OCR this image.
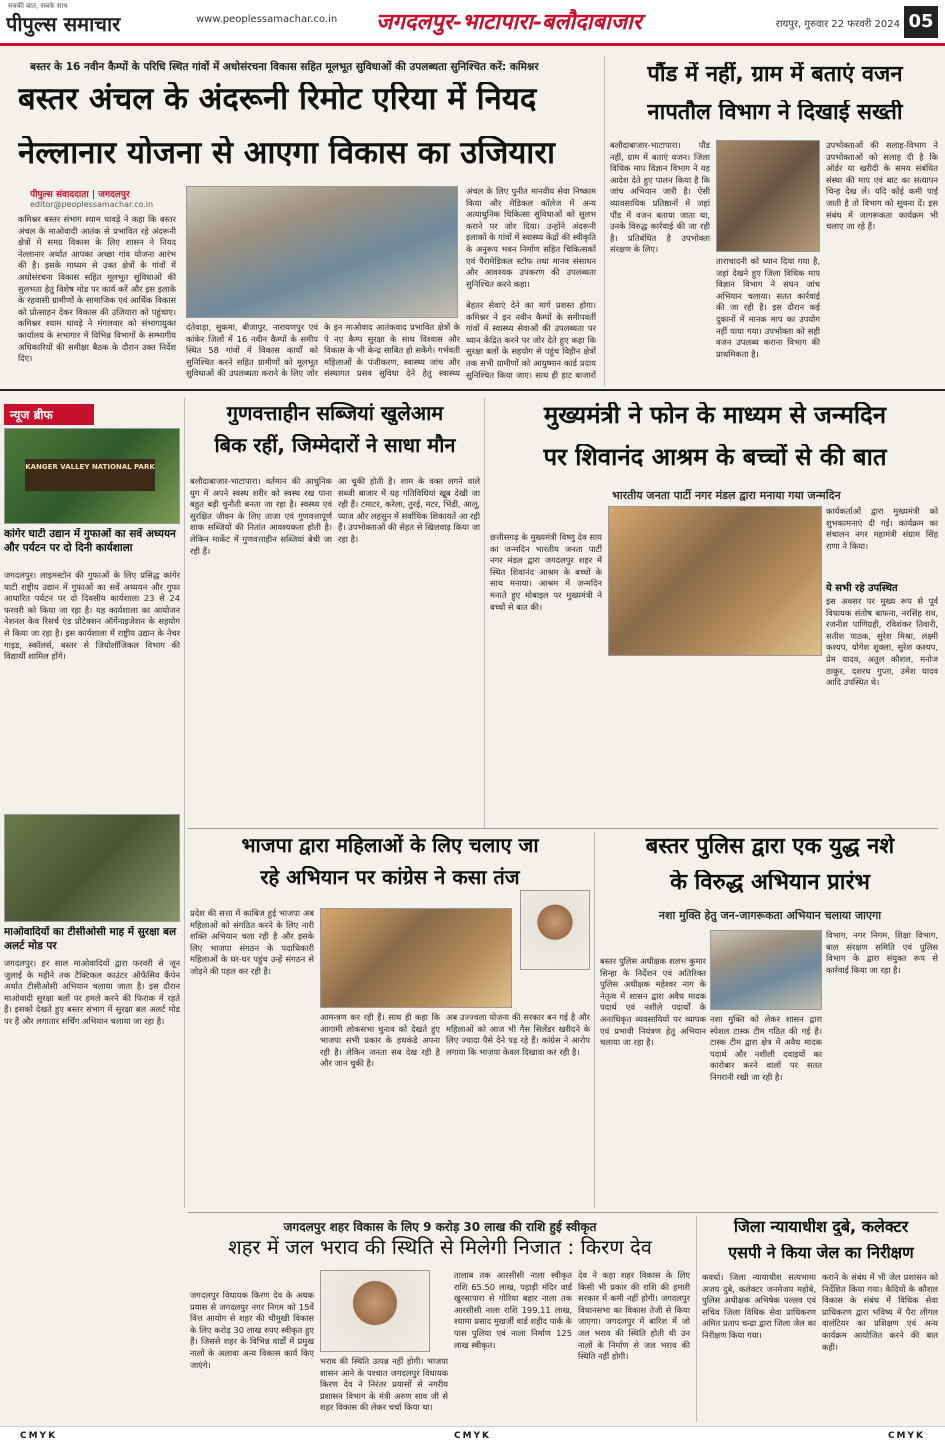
सबकी बात, सबके साथ
पीपुल्स समाचार	www.peoplessamachar.co.in	जगदलपुर-भाटापारा-बलौदाबाजार	रायपुर, गुरुवार 22 फरवरी 2024 05
बस्तर के 16 नवीन कैम्पों के परिधि स्थित गांवों में अधोसंरचना विकास सहित मूलभूत सुविधाओं की उपलब्धता सुनिश्चित करें: कमिश्नर
बस्तर अंचल के अंदरूनी रिमोट एरिया में नियद
नेल्लानार योजना से आएगा विकास का उजियारा
पीपुल्स संवाददाता | जगदलपुर
editor@peoplessamachar.co.in
कमिश्नर बस्तर संभाग श्याम धावड़े ने कहा कि बस्तर अंचल के माओवादी आतंक से प्रभावित रहे अंदरूनी क्षेत्रों में समग्र विकास के लिए शासन ने नियद नेल्लानार अर्थात आपका अच्छा गांव योजना आरंभ की है। इसके माध्यम से उक्त क्षेत्रों के गांवों में अधोसंरचना विकास सहित मूलभूत सुविधाओं की सुलभता हेतु विशेष मोड पर कार्य करें और इस इलाके के रहवासी ग्रामीणों के सामाजिक एवं आर्थिक विकास को प्रोत्साहन देकर विकास की उजियारा को पहुंचाए। कमिश्नर श्याम धावड़े ने मंगलवार को संभागायुक्त कार्यालय के सभागार में विभिन्न विभागों के सम्भागीय अधिकारियों की समीक्षा बैठक के दौरान उक्त निर्देश दिए।
दंतेवाड़ा, सुकमा, बीजापुर, नारायणपुर एवं कांकेर जिलों में 16 नवीन कैम्पों के समीप स्थित 58 गांवों में विकास कार्यों को सुनिश्चित करने सहित ग्रामीणों को मूलभूत सुविधाओं की उपलब्धता कराने के लिए जोर
के इन माओवाद आतंकवाद प्रभावित क्षेत्रों के पे नए कैम्प सुरक्षा के साथ विश्वास और विकास के भी केन्द्र साबित हो सकेंगे। गर्भवती महिलाओं के पंजीकरण, स्वास्थ्य जांच और संस्थागत प्रसव सुविधा देने हेतु स्वास्थ्य
अंचल के लिए पुनीत मानवीय सेवा निष्काम किया और मेडिकल कॉलेज में अन्य अत्याधुनिक चिकित्सा सुविधाओं को सुलभ कराने पर जोर दिया। उन्होंने अंदरूनी इलाकों के गांवों में स्वास्थ्य केंद्रों की स्वीकृति के अनुरूप भवन निर्माण सहित चिकित्सकों एवं पैरामेडिकल स्टॉफ तथा मानव संसाधन और आवश्यक उपकरण की उपलब्धता सुनिश्चित करने कहा।
बेहतर सेवाएं देने का मार्ग प्रशस्त होगा। कमिश्नर ने इन नवीन कैम्पों के समीपवर्ती गांवों में स्वास्थ्य सेवाओं की उपलब्धता पर ध्यान केंद्रित करने पर जोर देते हुए कहा कि सुरक्षा बलों के सहयोग से पहुंच विहीन क्षेत्रों तक सभी ग्रामीणों को आयुष्मान कार्ड प्रदाय सुनिश्चित किया जाए। साथ ही हाट बाजारों
पौंड में नहीं, ग्राम में बताएं वजन
नापतौल विभाग ने दिखाई सख्ती
बलौदाबाजार-भाटापारा। पौंड नहीं, ग्राम में बताएं वजन। जिला विधिक माप विज्ञान विभाग ने यह आदेश देते हुए पालन किया है कि जांच अभियान जारी है। ऐसी व्यावसायिक प्रतिष्ठानों में जहां पौंड में वजन बताया जाता था, उनके विरुद्ध कार्रवाई की जा रही है। प्रतिबंधित है उपभोक्ता संरक्षण के लिए।
ताराचादनी को ध्यान दिया गया है, जहां देखने हुए जिला विधिक माप विज्ञान विभाग ने सघन जांच अभियान चलाया। सतत कार्रवाई की जा रही है। इस दौरान कई दुकानों में मानक माप का उपयोग नहीं पाया गया। उपभोक्ता को सही वजन उपलब्ध कराना विभाग की प्राथमिकता है।
उपभोक्ताओं की सलाह-विभाग ने उपभोक्ताओं को सलाह दी है कि ऑर्डर या खरीदी के समय संबंधित संस्था की माप एवं बाट का सत्यापन चिन्ह देख लें। यदि कोई कमी पाई जाती है तो विभाग को सूचना दें। इस संबंध में जागरूकता कार्यक्रम भी चलाए जा रहे हैं।
न्यूज ब्रीफ
KANGER VALLEY NATIONAL PARK
कांगेर घाटी उद्यान में गुफाओं का सर्वे अध्ययन और पर्यटन पर दो दिनी कार्यशाला
जगदलपुर। लाइमस्टोन की गुफाओं के लिए प्रसिद्ध कांगेर घाटी राष्ट्रीय उद्यान में गुफाओं का सर्वे अध्ययन और गुफा आधारित पर्यटन पर दो दिवसीय कार्यशाला 23 से 24 फरवरी को किया जा रहा है। यह कार्यशाला का आयोजन नेशनल केव रिसर्च एंड प्रोटेक्शन ऑर्गेनाइजेशन के सहयोग से किया जा रहा है। इस कार्यशाला में राष्ट्रीय उद्यान के नेचर गाइड, स्कॉलर्स, बस्तर से जियोलॉजिकल विभाग की विद्यार्थी शामिल होंगे।
माओवादियों का टीसीओसी माह में सुरक्षा बल अलर्ट मोड पर
जगदलपुर। हर साल माओवादियों द्वारा फरवरी से जून जुलाई के महीने तक टैक्टिकल काउंटर ऑफेंसिव कैंपेन अर्थात टीसीओसी अभियान चलाया जाता है। इस दौरान माओवादी सुरक्षा बलों पर हमले करने की फिराक में रहते हैं। इसको देखते हुए बस्तर संभाग में सुरक्षा बल अलर्ट मोड पर हैं और लगातार सर्चिंग अभियान चलाया जा रहा है।
गुणवत्ताहीन सब्जियां खुलेआम
बिक रहीं, जिम्मेदारों ने साधा मौन
बलौदाबाजार-भाटापारा। वर्तमान की आधुनिक युग में अपने स्वस्थ शरीर को स्वस्थ रख पाना बहुत बड़ी चुनौती बनता जा रहा है। स्वस्थ्य एवं सुरक्षित जीवन के लिए ताजा एवं गुणवत्तापूर्ण शाक सब्जियों की नितांत आवश्यकता होती है। लेकिन मार्केट में गुणवत्ताहीन सब्जियां बेची जा रही हैं।
आ चुकी होती है। शाम के वक्त लगने वाले सब्जी बाजार में यह गतिविधियां खूब देखी जा रही हैं। टमाटर, करेला, तुरई, मटर, भिंडी, आलू, प्याज और लहसुन में सर्वाधिक शिकायतें आ रही हैं। उपभोक्ताओं की सेहत से खिलवाड़ किया जा रहा है।
मुख्यमंत्री ने फोन के माध्यम से जन्मदिन
पर शिवानंद आश्रम के बच्चों से की बात
भारतीय जनता पार्टी नगर मंडल द्वारा मनाया गया जन्मदिन
छत्तीसगढ़ के मुख्यमंत्री विष्णु देव साय का जन्मदिन भारतीय जनता पार्टी नगर मंडल द्वारा जगदलपुर शहर में स्थित शिवानंद आश्रम के बच्चों के साथ मनाया। आश्रम में जन्मदिन मनाते हुए मोबाइल पर मुख्यमंत्री ने बच्चों से बात की।
कार्यकर्ताओं द्वारा मुख्यमंत्री को शुभकामनाएं दी गईं। कार्यक्रम का संचालन नगर महामंत्री संग्राम सिंह राणा ने किया।
ये सभी रहे उपस्थित
इस अवसर पर मुख्य रूप से पूर्व विधायक संतोष बाफना, नरसिंह राव, रजनीश पाणिग्रही, रविशंकर तिवारी, सतीश पाठक, सुरेश मिश्रा, लक्ष्मी कश्यप, योगेश शुक्ला, सुरेश कश्यप, प्रेम यादव, अतुल कौशल, मनोज ठाकुर, दशरथ गुप्ता, उमेश यादव आदि उपस्थित थे।
भाजपा द्वारा महिलाओं के लिए चलाए जा
रहे अभियान पर कांग्रेस ने कसा तंज
प्रदेश की सत्ता में काबिज हुई भाजपा अब महिलाओं को संगठित करने के लिए नारी शक्ति अभियान चला रही है और इसके लिए भाजपा संगठन के पदाधिकारी महिलाओं के घर-घर पहुंच उन्हें संगठन से जोड़ने की पहल कर रही है।
आमन्त्रण कर रही हैं। साथ ही कहा कि आगामी लोकसभा चुनाव को देखते हुए भाजपा सभी प्रकार के हथकंडे अपना रही है। लेकिन जनता सब देख रही है और जान चुकी है।
अब उज्ज्वला योजना की सरकार बन गई है और महिलाओं को आज भी गैस सिलेंडर खरीदने के लिए ज्यादा पैसे देने पड़ रहे हैं। कांग्रेस ने आरोप लगाया कि भाजपा केवल दिखावा कर रही है।
बस्तर पुलिस द्वारा एक युद्ध नशे
के विरुद्ध अभियान प्रारंभ
नशा मुक्ति हेतु जन-जागरूकता अभियान चलाया जाएगा
बस्तर पुलिस अधीक्षक शलभ कुमार सिन्हा के निर्देशन एवं अतिरिक्त पुलिस अधीक्षक महेश्वर नाग के नेतृत्व में शासन द्वारा अवैध मादक पदार्थ एवं नशीले पदार्थों के अनाधिकृत व्यवसायियों पर व्यापक एवं प्रभावी नियंत्रण हेतु अभियान चलाया जा रहा है।
नशा मुक्ति को लेकर शासन द्वारा स्पेशल टास्क टीम गठित की गई है। टास्क टीम द्वारा क्षेत्र में अवैध मादक पदार्थ और नशीली दवाइयों का कारोबार करने वालों पर सतत निगरानी रखी जा रही है।
विभाग, नगर निगम, शिक्षा विभाग, बाल संरक्षण समिति एवं पुलिस विभाग के द्वारा संयुक्त रूप से कार्रवाई किया जा रहा है।
जगदलपुर शहर विकास के लिए 9 करोड़ 30 लाख की राशि हुई स्वीकृत
शहर में जल भराव की स्थिति से मिलेगी निजात : किरण देव
जगदलपुर विधायक किरण देव के अथक प्रयास से जगदलपुर नगर निगम को 15वें वित्त आयोग से शहर की चौमुखी विकास के लिए करोड़ 30 लाख रुपए स्वीकृत हुए हैं। जिससे शहर के विभिन्न वार्डों में प्रमुख नालों के अलावा अन्य विकास कार्य किए जाएंगे।	भराव की स्थिति उत्पन्न नहीं होगी। भाजपा शासन आने के पश्चात जगदलपुर विधायक किरण देव ने निरंतर प्रयासों से नगरीय प्रशासन विभाग के मंत्री अरुण साव जी से शहर विकास की लेकर चर्चा किया था।
तालाब तक आरसीसी नाला स्वीकृत राशि 65.50 लाख, पहाड़ी मंदिर वार्ड खुरसापारा से गोरिया बहार नाला तक आरसीसी नाला राशि 199.11 लाख, श्यामा प्रसाद मुखर्जी वार्ड शहीद पार्क के पास पुलिया एवं नाला निर्माण 125 लाख स्वीकृत।
देव ने कहा शहर विकास के लिए किसी भी प्रकार की राशि की हमारी सरकार में कमी नहीं होगी। जगदलपुर विधानसभा का विकास तेजी से किया जाएगा। जगदलपुर में बारिश में जो जल भराव की स्थिति होती थी उन नालों के निर्माण से जल भराव की स्थिति नहीं होगी।
जिला न्यायाधीश दुबे, कलेक्टर
एसपी ने किया जेल का निरीक्षण
कवर्धा। जिला न्यायाधीश सत्यभामा अजय दुबे, कलेक्टर जनमेजय महोबे, पुलिस अधीक्षक अभिषेक पल्लव एवं सचिव जिला विधिक सेवा प्राधिकरण अमित प्रताप चन्द्रा द्वारा जिला जेल का निरीक्षण किया गया।
कराने के संबंध में भी जेल प्रशासन को निर्देशित किया गया। कैदियों के कौशल विकास के संबंध में विधिक सेवा प्राधिकरण द्वारा भविष्य में पैरा लीगल वालंटियर का प्रशिक्षण एवं अन्य कार्यक्रम आयोजित करने की बात कही।
CMYK	CMYK	CMYK
